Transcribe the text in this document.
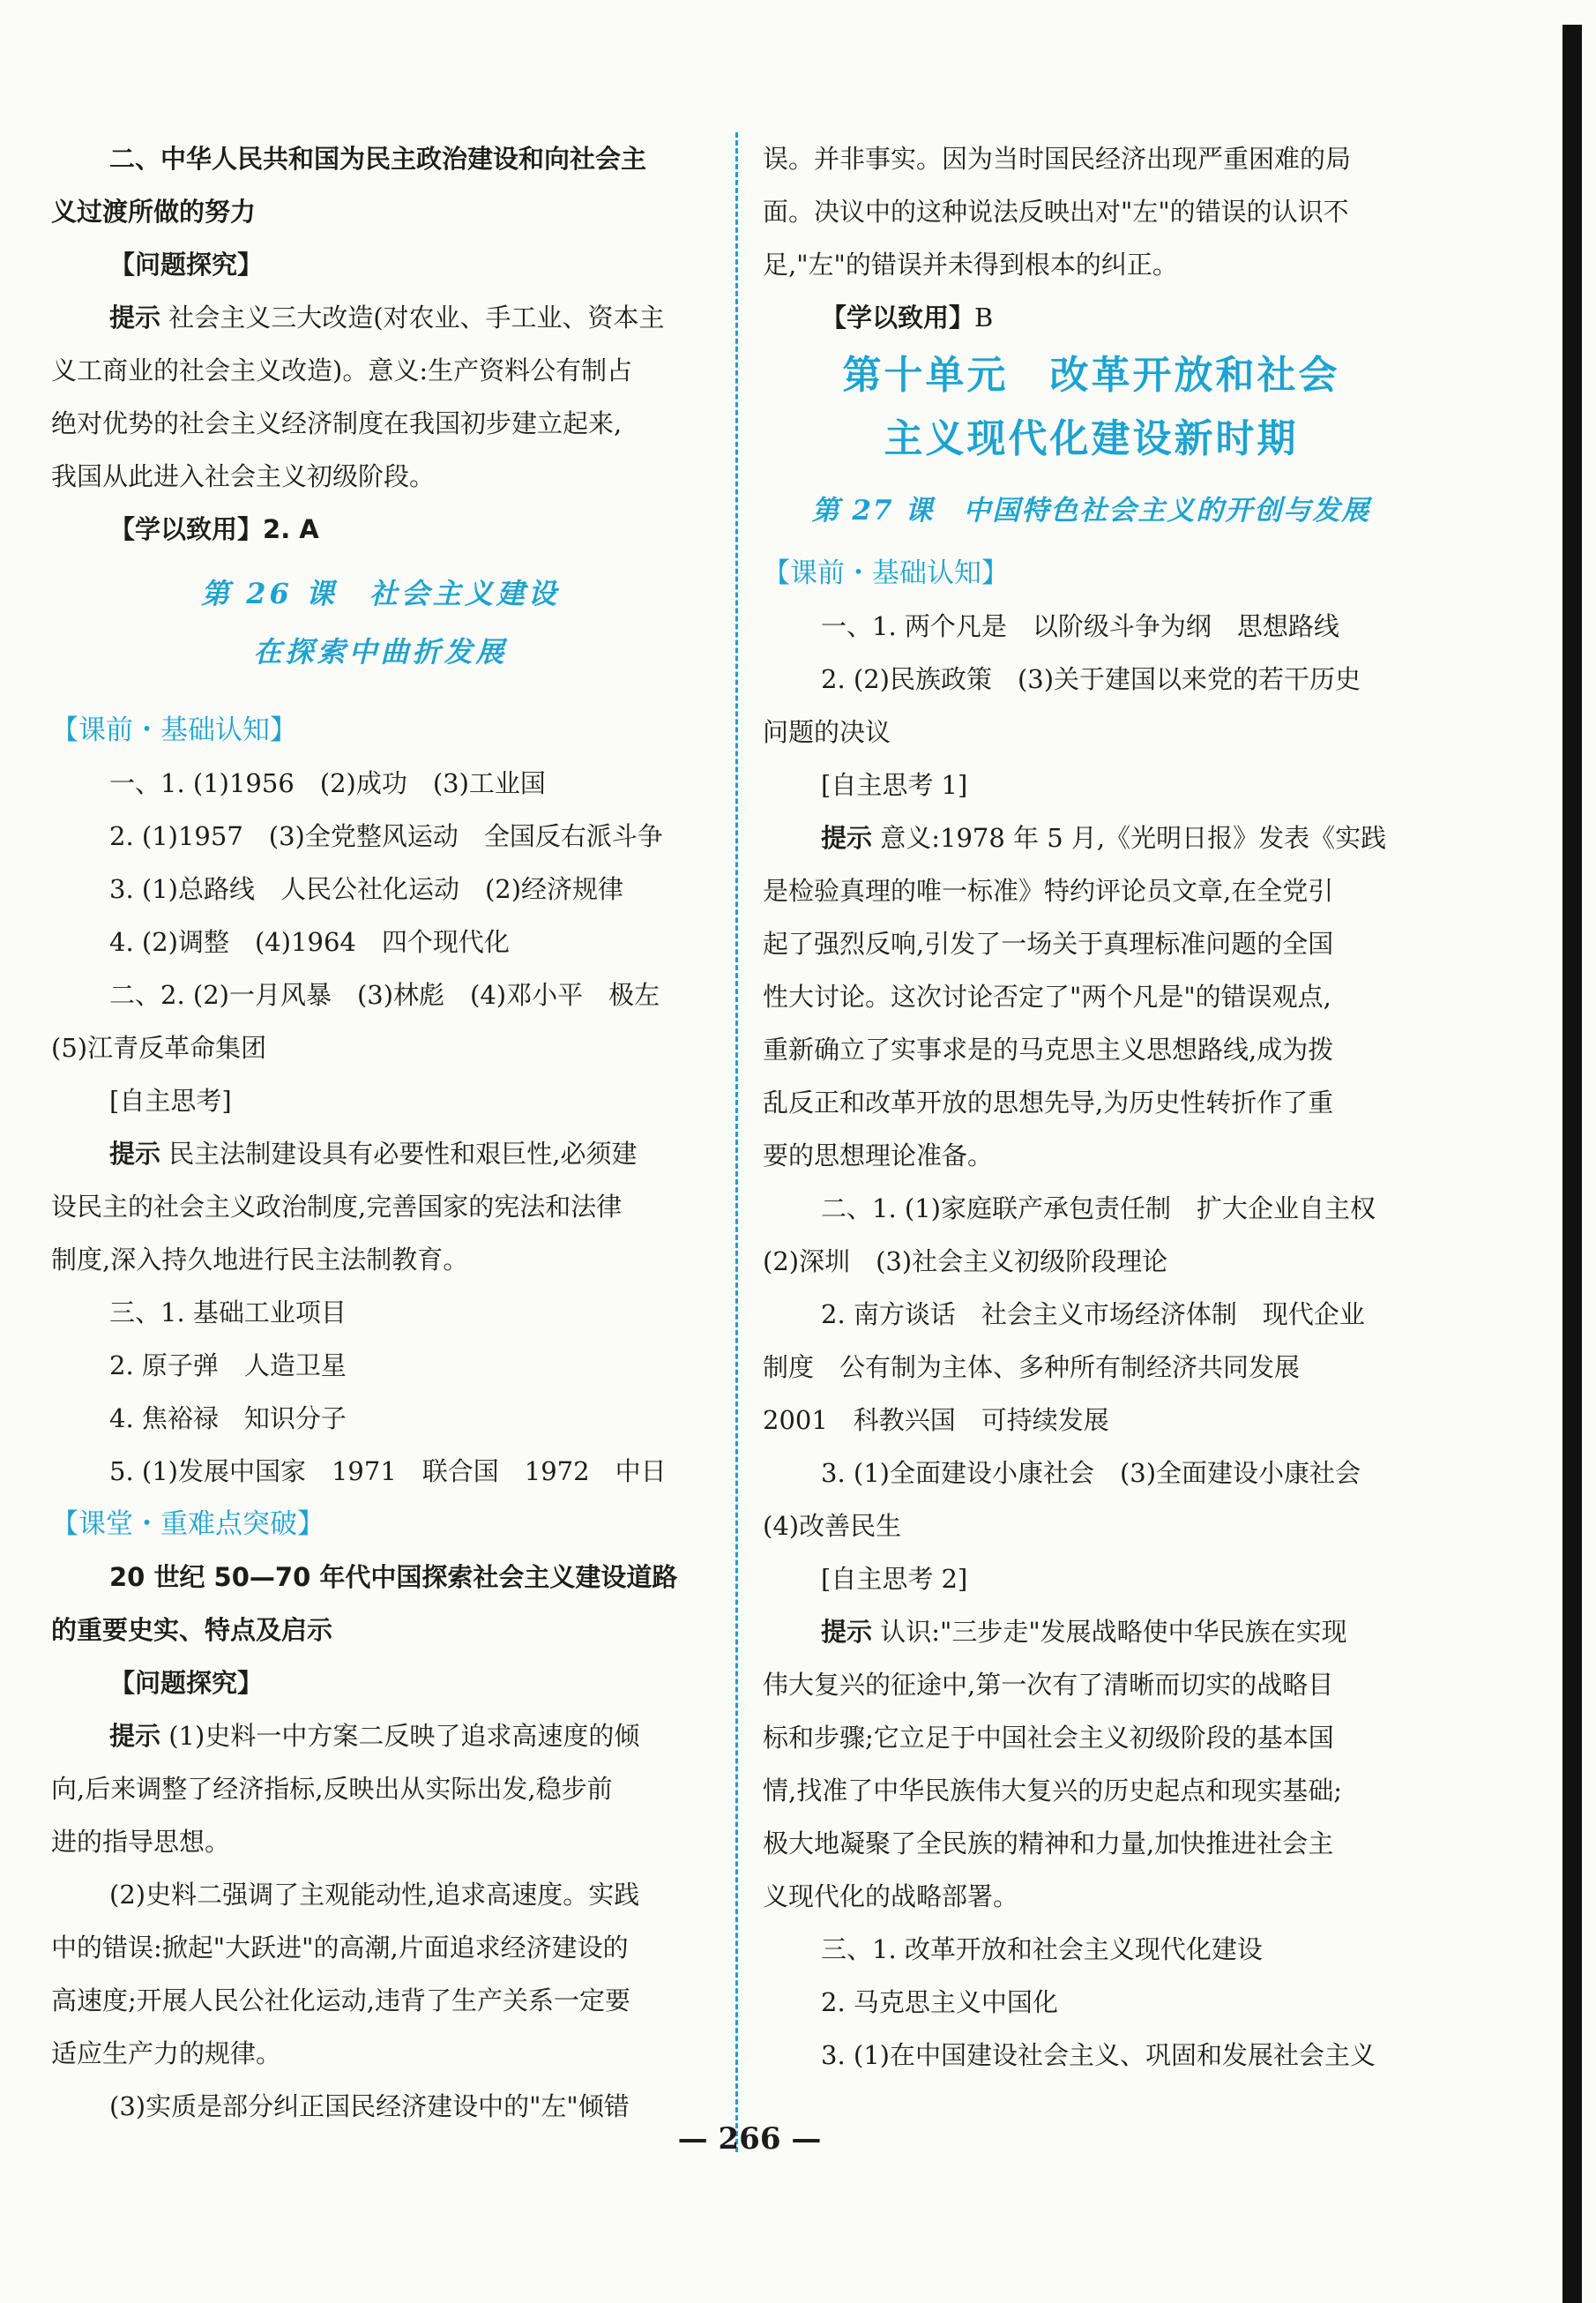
二、中华人民共和国为民主政治建设和向社会主

义过渡所做的努力

【问题探究】

提示 社会主义三大改造(对农业、手工业、资本主

义工商业的社会主义改造)。意义:生产资料公有制占

绝对优势的社会主义经济制度在我国初步建立起来,

我国从此进入社会主义初级阶段。

【学以致用】2. A

第 26 课　社会主义建设
在探索中曲折发展
【课前・基础认知】

一、1. (1)1956　(2)成功　(3)工业国

2. (1)1957　(3)全党整风运动　全国反右派斗争

3. (1)总路线　人民公社化运动　(2)经济规律

4. (2)调整　(4)1964　四个现代化

二、2. (2)一月风暴　(3)林彪　(4)邓小平　极左

(5)江青反革命集团

[自主思考]

提示 民主法制建设具有必要性和艰巨性,必须建

设民主的社会主义政治制度,完善国家的宪法和法律

制度,深入持久地进行民主法制教育。

三、1. 基础工业项目

2. 原子弹　人造卫星

4. 焦裕禄　知识分子

5. (1)发展中国家　1971　联合国　1972　中日

【课堂・重难点突破】

20 世纪 50—70 年代中国探索社会主义建设道路

的重要史实、特点及启示

【问题探究】

提示 (1)史料一中方案二反映了追求高速度的倾

向,后来调整了经济指标,反映出从实际出发,稳步前

进的指导思想。

(2)史料二强调了主观能动性,追求高速度。实践

中的错误:掀起"大跃进"的高潮,片面追求经济建设的

高速度;开展人民公社化运动,违背了生产关系一定要

适应生产力的规律。

(3)实质是部分纠正国民经济建设中的"左"倾错

误。并非事实。因为当时国民经济出现严重困难的局

面。决议中的这种说法反映出对"左"的错误的认识不

足,"左"的错误并未得到根本的纠正。

【学以致用】B

第十单元　改革开放和社会
主义现代化建设新时期
第 27 课　中国特色社会主义的开创与发展
【课前・基础认知】

一、1. 两个凡是　以阶级斗争为纲　思想路线

2. (2)民族政策　(3)关于建国以来党的若干历史

问题的决议

[自主思考 1]

提示 意义:1978 年 5 月,《光明日报》发表《实践

是检验真理的唯一标准》特约评论员文章,在全党引

起了强烈反响,引发了一场关于真理标准问题的全国

性大讨论。这次讨论否定了"两个凡是"的错误观点,

重新确立了实事求是的马克思主义思想路线,成为拨

乱反正和改革开放的思想先导,为历史性转折作了重

要的思想理论准备。

二、1. (1)家庭联产承包责任制　扩大企业自主权

(2)深圳　(3)社会主义初级阶段理论

2. 南方谈话　社会主义市场经济体制　现代企业

制度　公有制为主体、多种所有制经济共同发展

2001　科教兴国　可持续发展

3. (1)全面建设小康社会　(3)全面建设小康社会

(4)改善民生

[自主思考 2]

提示 认识:"三步走"发展战略使中华民族在实现

伟大复兴的征途中,第一次有了清晰而切实的战略目

标和步骤;它立足于中国社会主义初级阶段的基本国

情,找准了中华民族伟大复兴的历史起点和现实基础;

极大地凝聚了全民族的精神和力量,加快推进社会主

义现代化的战略部署。

三、1. 改革开放和社会主义现代化建设

2. 马克思主义中国化

3. (1)在中国建设社会主义、巩固和发展社会主义

— 266 —
